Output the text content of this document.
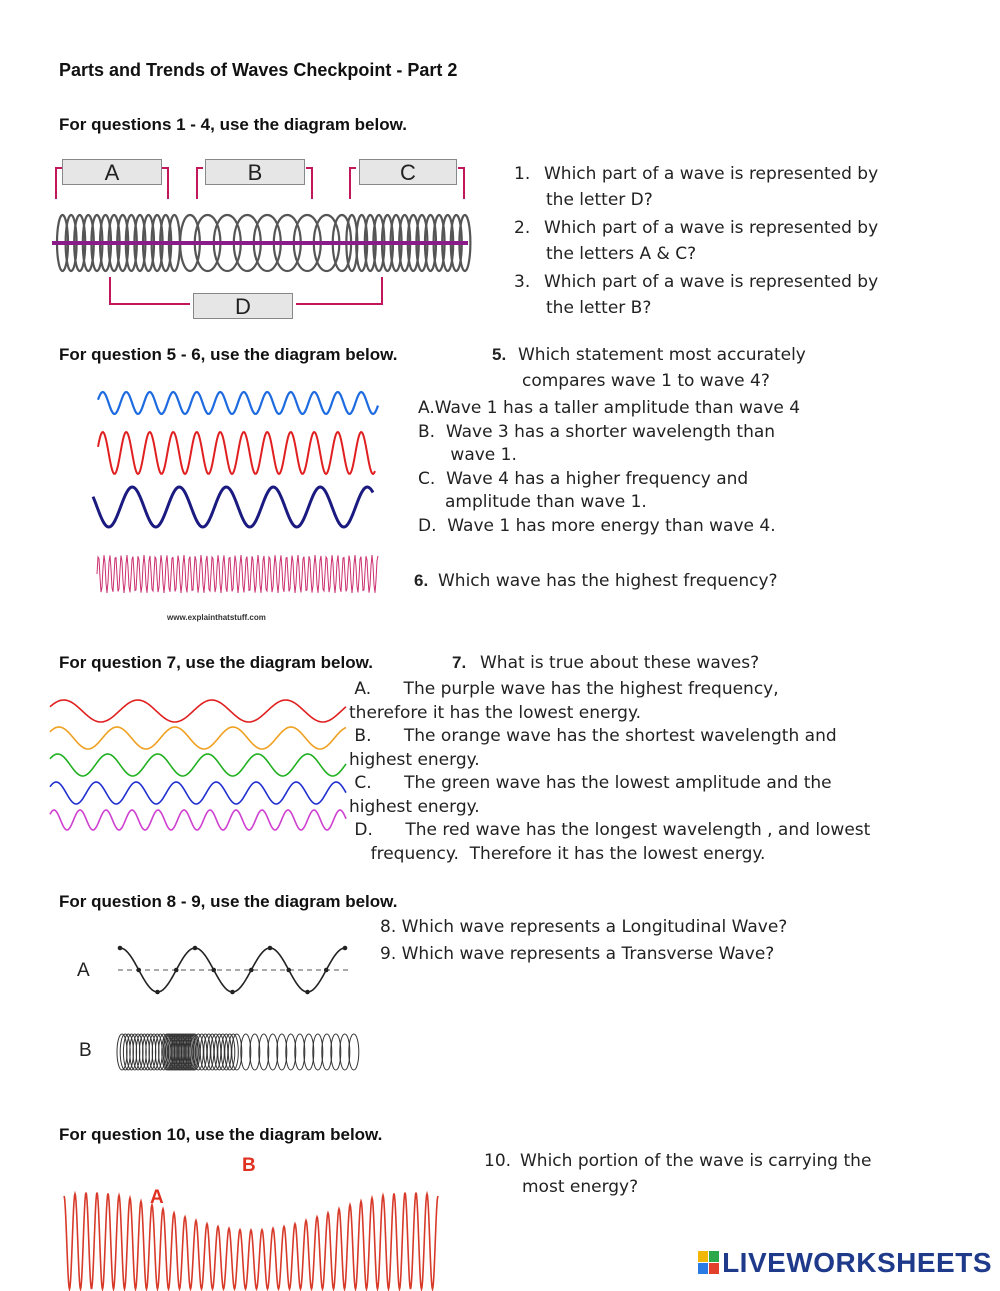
Parts and Trends of Waves Checkpoint - Part 2
For questions 1 - 4, use the diagram below.
A	B	C
D
1. Which part of a wave is represented by
the letter D?
2. Which part of a wave is represented by
the letters A & C?
3. Which part of a wave is represented by
the letter B?
For question 5 - 6, use the diagram below.
www.explainthatstuff.com
5. Which statement most accurately
compares wave 1 to wave 4?
A.Wave 1 has a taller amplitude than wave 4
B.  Wave 3 has a shorter wavelength than
wave 1.
C.  Wave 4 has a higher frequency and
amplitude than wave 1.
D.  Wave 1 has more energy than wave 4.
6. Which wave has the highest frequency?
For question 7, use the diagram below.	7. What is true about these waves?
A.      The purple wave has the highest frequency,
therefore it has the lowest energy.
B.      The orange wave has the shortest wavelength and
highest energy.
C.      The green wave has the lowest amplitude and the
highest energy.
D.      The red wave has the longest wavelength , and lowest
frequency.  Therefore it has the lowest energy.
For question 8 - 9, use the diagram below.
A
B
8. Which wave represents a Longitudinal Wave?
9. Which wave represents a Transverse Wave?
For question 10, use the diagram below.
A
B	10. Which portion of the wave is carrying the
most energy?
LIVEWORKSHEETS
